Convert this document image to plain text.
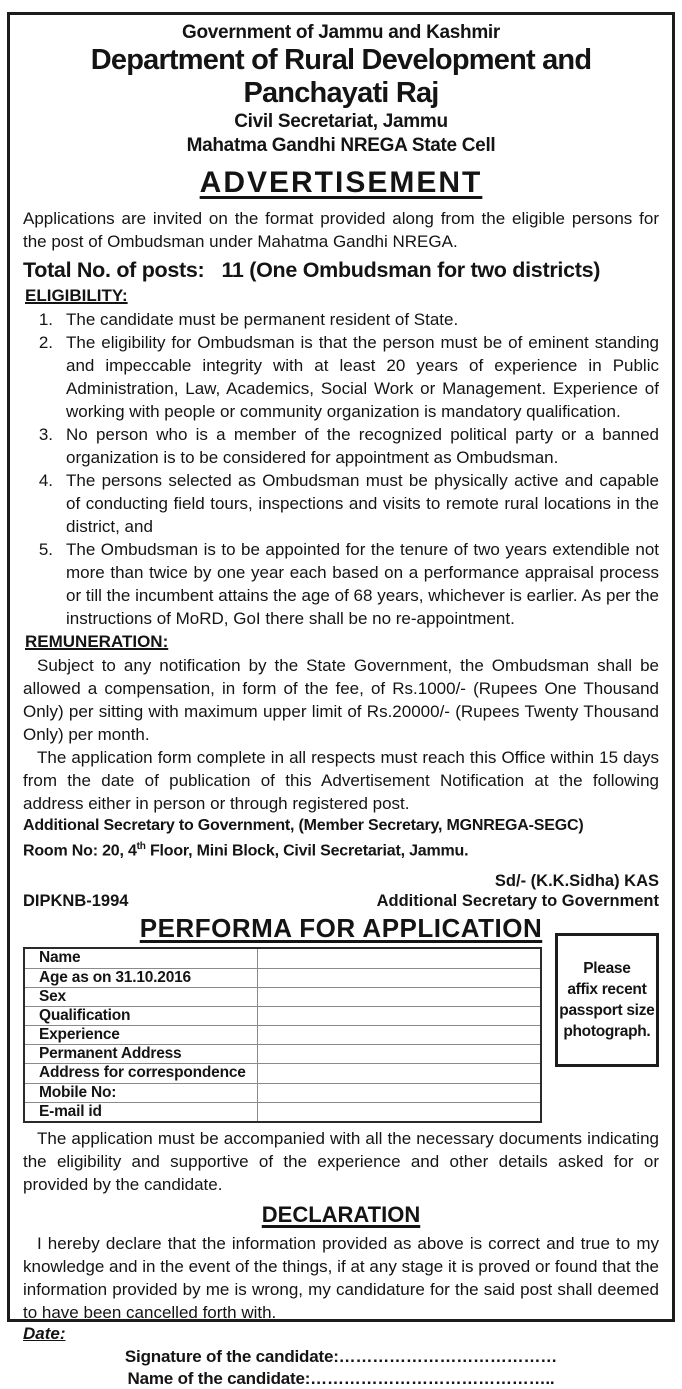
Government of Jammu and Kashmir
Department of Rural Development and Panchayati Raj
Civil Secretariat, Jammu
Mahatma Gandhi NREGA State Cell
ADVERTISEMENT
Applications are invited on the format provided along from the eligible persons for the post of Ombudsman under Mahatma Gandhi NREGA.
Total No. of posts: 11 (One Ombudsman for two districts)
ELIGIBILITY:
1. The candidate must be permanent resident of State.
2. The eligibility for Ombudsman is that the person must be of eminent standing and impeccable integrity with at least 20 years of experience in Public Administration, Law, Academics, Social Work or Management. Experience of working with people or community organization is mandatory qualification.
3. No person who is a member of the recognized political party or a banned organization is to be considered for appointment as Ombudsman.
4. The persons selected as Ombudsman must be physically active and capable of conducting field tours, inspections and visits to remote rural locations in the district, and
5. The Ombudsman is to be appointed for the tenure of two years extendible not more than twice by one year each based on a performance appraisal process or till the incumbent attains the age of 68 years, whichever is earlier. As per the instructions of MoRD, GoI there shall be no re-appointment.
REMUNERATION:
Subject to any notification by the State Government, the Ombudsman shall be allowed a compensation, in form of the fee, of Rs.1000/- (Rupees One Thousand Only) per sitting with maximum upper limit of Rs.20000/- (Rupees Twenty Thousand Only) per month.
The application form complete in all respects must reach this Office within 15 days from the date of publication of this Advertisement Notification at the following address either in person or through registered post.
Additional Secretary to Government, (Member Secretary, MGNREGA-SEGC)
Room No: 20, 4th Floor, Mini Block, Civil Secretariat, Jammu.
Sd/- (K.K.Sidha) KAS
DIPKNB-1994	Additional Secretary to Government
PERFORMA FOR APPLICATION
Name
Age as on 31.10.2016
Sex
Qualification
Experience
Permanent Address
Address for correspondence
Mobile No:
E-mail id
Please
affix recent
passport size
photograph.
The application must be accompanied with all the necessary documents indicating the eligibility and supportive of the experience and other details asked for or provided by the candidate.
DECLARATION
I hereby declare that the information provided as above is correct and true to my knowledge and in the event of the things, if at any stage it is proved or found that the information provided by me is wrong, my candidature for the said post shall deemed to have been cancelled forth with.
Date:
Signature of the candidate:…………………………………
Name of the candidate:……………………………………..
